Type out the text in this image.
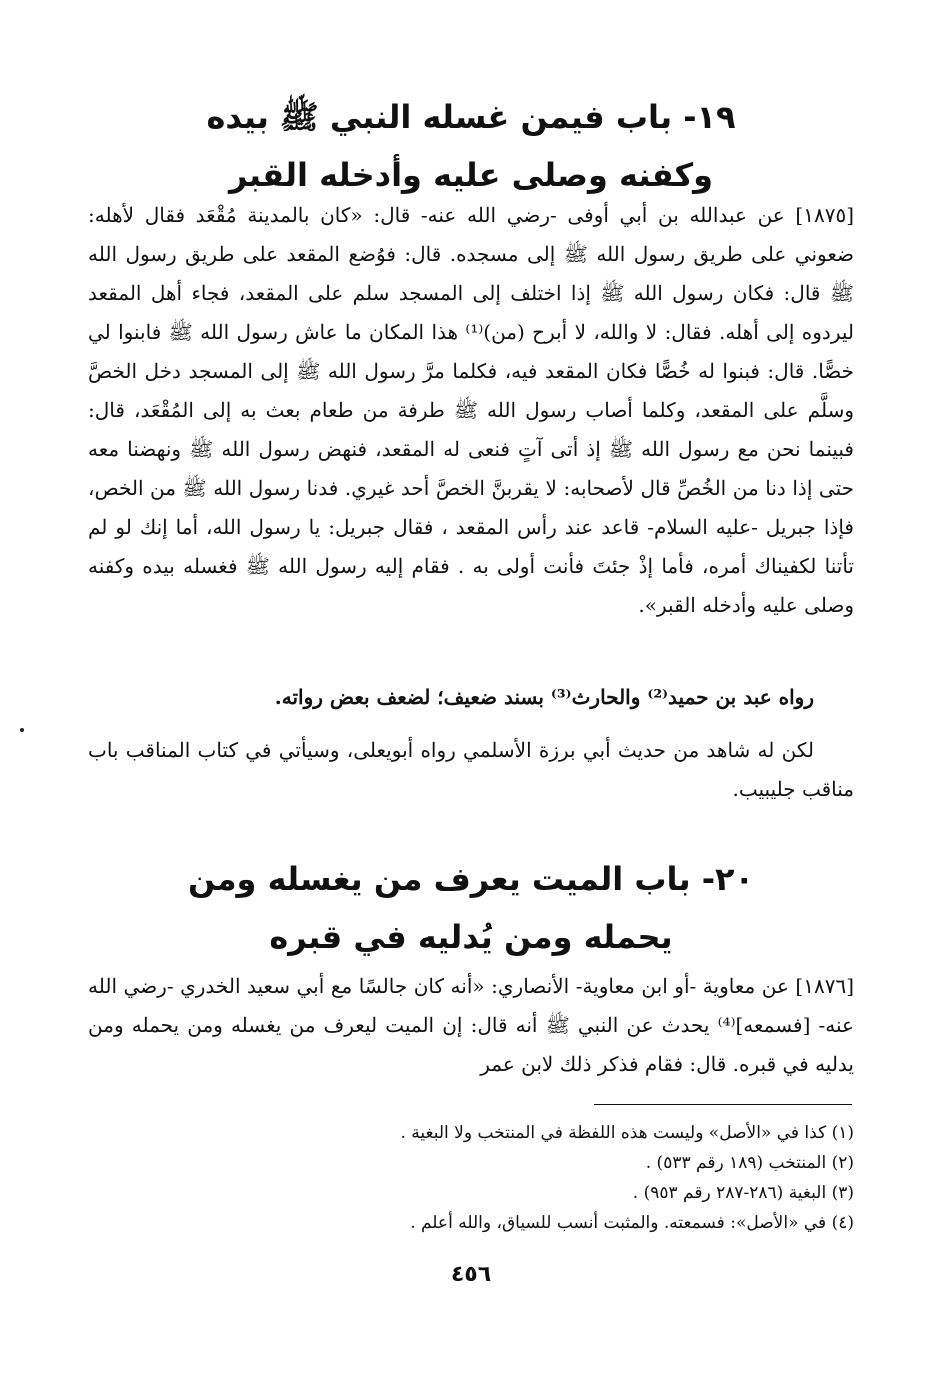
١٩- باب فيمن غسله النبي ﷺ بيده
وكفنه وصلى عليه وأدخله القبر

[١٨٧٥] عن عبدالله بن أبي أوفى -رضي الله عنه- قال: «كان بالمدينة مُقْعَد فقال لأهله: ضعوني على طريق رسول الله ﷺ إلى مسجده. قال: فوُضع المقعد على طريق رسول الله ﷺ قال: فكان رسول الله ﷺ إذا اختلف إلى المسجد سلم على المقعد، فجاء أهل المقعد ليردوه إلى أهله. فقال: لا والله، لا أبرح (من)⁽¹⁾ هذا المكان ما عاش رسول الله ﷺ فابنوا لي خصًّا. قال: فبنوا له خُصًّا فكان المقعد فيه، فكلما مرَّ رسول الله ﷺ إلى المسجد دخل الخصَّ وسلَّم على المقعد، وكلما أصاب رسول الله ﷺ طرفة من طعام بعث به إلى المُقْعَد، قال: فبينما نحن مع رسول الله ﷺ إذ أتى آتٍ فنعى له المقعد، فنهض رسول الله ﷺ ونهضنا معه حتى إذا دنا من الخُصِّ قال لأصحابه: لا يقربنَّ الخصَّ أحد غيري. فدنا رسول الله ﷺ من الخص، فإذا جبريل -عليه السلام- قاعد عند رأس المقعد ، فقال جبريل: يا رسول الله، أما إنك لو لم تأتنا لكفيناك أمره، فأما إذْ جئتَ فأنت أولى به . فقام إليه رسول الله ﷺ فغسله بيده وكفنه وصلى عليه وأدخله القبر».

رواه عبد بن حميد⁽²⁾ والحارث⁽³⁾ بسند ضعيف؛ لضعف بعض رواته.

لكن له شاهد من حديث أبي برزة الأسلمي رواه أبويعلى، وسيأتي في كتاب المناقب باب مناقب جليبيب.

٢٠- باب الميت يعرف من يغسله ومن
يحمله ومن يُدليه في قبره

[١٨٧٦] عن معاوية -أو ابن معاوية- الأنصاري: «أنه كان جالسًا مع أبي سعيد الخدري -رضي الله عنه- [فسمعه]⁽⁴⁾ يحدث عن النبي ﷺ أنه قال: إن الميت ليعرف من يغسله ومن يحمله ومن يدليه في قبره. قال: فقام فذكر ذلك لابن عمر

(١) كذا في «الأصل» وليست هذه اللفظة في المنتخب ولا البغية .
(٢) المنتخب (١٨٩ رقم ٥٣٣) .
(٣) البغية (٢٨٦-٢٨٧ رقم ٩٥٣) .
(٤) في «الأصل»: فسمعته. والمثبت أنسب للسياق، والله أعلم .
٤٥٦
